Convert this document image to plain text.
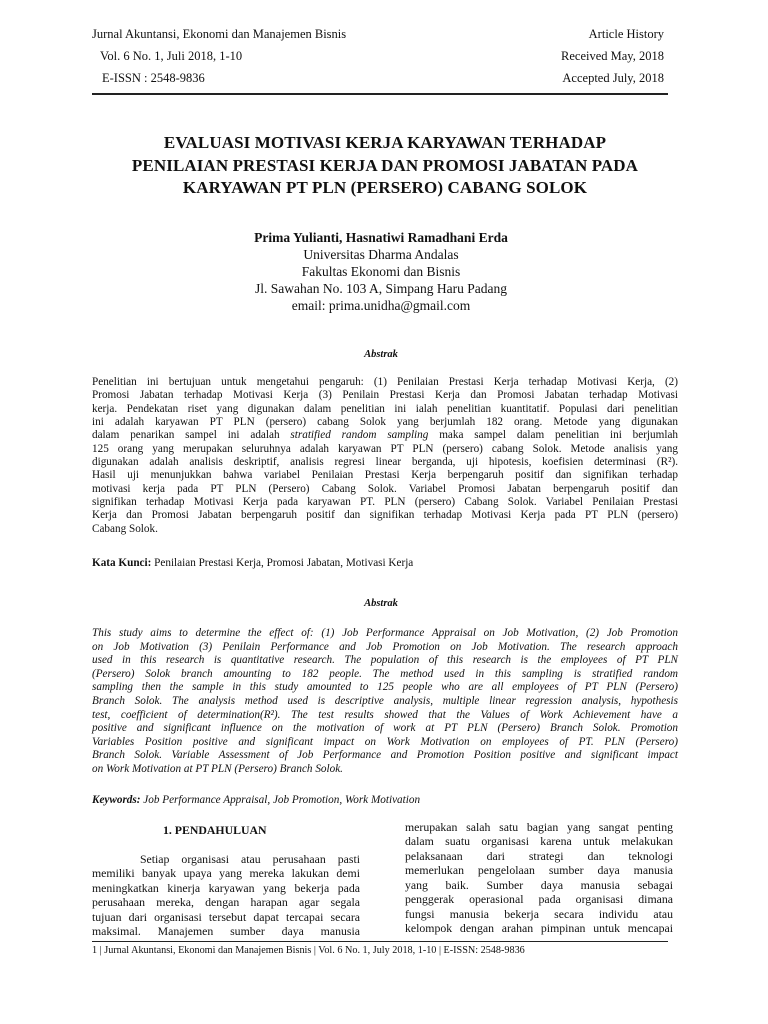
Jurnal Akuntansi, Ekonomi dan Manajemen Bisnis	Article History
Vol. 6 No. 1, Juli 2018, 1-10	Received May, 2018
E-ISSN : 2548-9836	Accepted July, 2018
EVALUASI MOTIVASI KERJA KARYAWAN TERHADAP
PENILAIAN PRESTASI KERJA DAN PROMOSI JABATAN PADA
KARYAWAN PT PLN (PERSERO) CABANG SOLOK
Prima Yulianti, Hasnatiwi Ramadhani Erda
Universitas Dharma Andalas
Fakultas Ekonomi dan Bisnis
Jl. Sawahan No. 103 A, Simpang Haru Padang
email: prima.unidha@gmail.com
Abstrak
Penelitian ini bertujuan untuk mengetahui pengaruh: (1) Penilaian Prestasi Kerja terhadap Motivasi Kerja, (2)
Promosi Jabatan terhadap Motivasi Kerja (3) Penilain Prestasi Kerja dan Promosi Jabatan terhadap Motivasi
kerja. Pendekatan riset yang digunakan dalam penelitian ini ialah penelitian kuantitatif. Populasi dari penelitian
ini adalah karyawan PT PLN (persero) cabang Solok yang berjumlah 182 orang. Metode yang digunakan
dalam penarikan sampel ini adalah stratified random sampling maka sampel dalam penelitian ini berjumlah
125 orang yang merupakan seluruhnya adalah karyawan PT PLN (persero) cabang Solok. Metode analisis yang
digunakan adalah analisis deskriptif, analisis regresi linear berganda, uji hipotesis, koefisien determinasi (R²).
Hasil uji menunjukkan bahwa variabel Penilaian Prestasi Kerja berpengaruh positif dan signifikan terhadap
motivasi kerja pada PT PLN (Persero) Cabang Solok. Variabel Promosi Jabatan berpengaruh positif dan
signifikan terhadap Motivasi Kerja pada karyawan PT. PLN (persero) Cabang Solok. Variabel Penilaian Prestasi
Kerja dan Promosi Jabatan berpengaruh positif dan signifikan terhadap Motivasi Kerja pada PT PLN (persero)
Cabang Solok.
Kata Kunci: Penilaian Prestasi Kerja, Promosi Jabatan, Motivasi Kerja
Abstrak
This study aims to determine the effect of: (1) Job Performance Appraisal on Job Motivation, (2) Job Promotion
on Job Motivation (3) Penilain Performance and Job Promotion on Job Motivation. The research approach
used in this research is quantitative research. The population of this research is the employees of PT PLN
(Persero) Solok branch amounting to 182 people. The method used in this sampling is stratified random
sampling then the sample in this study amounted to 125 people who are all employees of PT PLN (Persero)
Branch Solok. The analysis method used is descriptive analysis, multiple linear regression analysis, hypothesis
test, coefficient of determination(R²). The test results showed that the Values of Work Achievement have a
positive and significant influence on the motivation of work at PT PLN (Persero) Branch Solok. Promotion
Variables Position positive and significant impact on Work Motivation on employees of PT. PLN (Persero)
Branch Solok. Variable Assessment of Job Performance and Promotion Position positive and significant impact
on Work Motivation at PT PLN (Persero) Branch Solok.
Keywords: Job Performance Appraisal, Job Promotion, Work Motivation
1. PENDAHULUAN
Setiap  organisasi  atau  perusahaan  pasti
memiliki banyak upaya yang mereka lakukan demi
meningkatkan kinerja karyawan yang bekerja pada
perusahaan mereka, dengan harapan agar segala
tujuan dari organisasi tersebut dapat tercapai secara
maksimal. Manajemen sumber daya manusia
merupakan salah satu bagian yang sangat penting
dalam suatu organisasi karena untuk melakukan
pelaksanaan dari strategi dan teknologi
memerlukan pengelolaan sumber daya manusia
yang baik. Sumber daya manusia sebagai
penggerak operasional pada organisasi dimana
fungsi manusia bekerja secara individu atau
kelompok dengan arahan pimpinan untuk mencapai
1 | Jurnal Akuntansi, Ekonomi dan Manajemen Bisnis | Vol. 6 No. 1, July 2018, 1-10 | E-ISSN: 2548-9836
